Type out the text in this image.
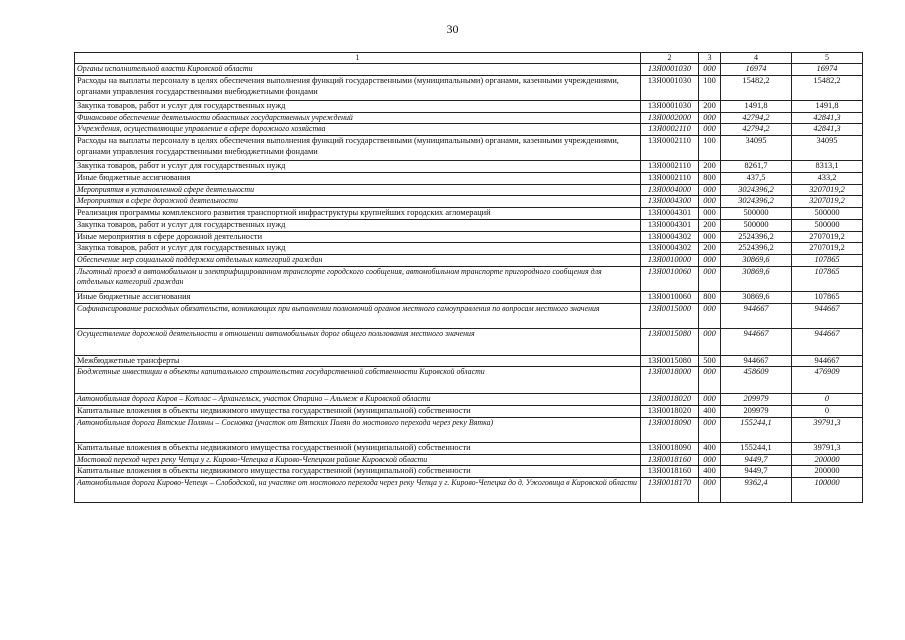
30
1	2	3	4	5
Органы исполнительной власти Кировской области	13Я0001030	000	16974	16974
Расходы на выплаты персоналу в целях обеспечения выполнения функций государственными (муниципальными) органами, казенными учреждениями, органами управления государственными внебюджетными фондами	13Я0001030	100	15482,2	15482,2
Закупка товаров, работ и услуг для государственных нужд	13Я0001030	200	1491,8	1491,8
Финансовое обеспечение деятельности областных государственных учреждений	13Я0002000	000	42794,2	42841,3
Учреждения, осуществляющие управление в сфере дорожного хозяйства	13Я0002110	000	42794,2	42841,3
Расходы на выплаты персоналу в целях обеспечения выполнения функций государственными (муниципальными) органами, казенными учреждениями, органами управления государственными внебюджетными фондами	13Я0002110	100	34095	34095
Закупка товаров, работ и услуг для государственных нужд	13Я0002110	200	8261,7	8313,1
Иные бюджетные ассигнования	13Я0002110	800	437,5	433,2
Мероприятия в установленной сфере деятельности	13Я0004000	000	3024396,2	3207019,2
Мероприятия в сфере дорожной деятельности	13Я0004300	000	3024396,2	3207019,2
Реализация программы комплексного развития транспортной инфраструктуры крупнейших городских агломераций	13Я0004301	000	500000	500000
Закупка товаров, работ и услуг для государственных нужд	13Я0004301	200	500000	500000
Иные мероприятия в сфере дорожной деятельности	13Я0004302	000	2524396,2	2707019,2
Закупка товаров, работ и услуг для государственных нужд	13Я0004302	200	2524396,2	2707019,2
Обеспечение мер социальной поддержки отдельных категорий граждан	13Я0010000	000	30869,6	107865
Льготный проезд в автомобильном и электрифицированном транспорте городского сообщения, автомобильном транспорте пригородного сообщения для отдельных категорий граждан	13Я0010060	000	30869,6	107865
Иные бюджетные ассигнования	13Я0010060	800	30869,6	107865
Софинансирование расходных обязательств, возникающих при выполнении полномочий органов местного самоуправления по вопросам местного значения	13Я0015000	000	944667	944667
Осуществление дорожной деятельности в отношении автомобильных дорог общего пользования местного значения	13Я0015080	000	944667	944667
Межбюджетные трансферты	13Я0015080	500	944667	944667
Бюджетные инвестиции в объекты капитального строительства государственной собственности Кировской области	13Я0018000	000	458609	476909
Автомобильная дорога Киров – Котлас – Архангельск, участок Опарино – Альмеж в Кировской области	13Я0018020	000	209979	0
Капитальные вложения в объекты недвижимого имущества государственной (муниципальной) собственности	13Я0018020	400	209979	0
Автомобильная дорога Вятские Поляны – Сосновка (участок от Вятских Полян до мостового перехода через реку Вятка)	13Я0018090	000	155244,1	39791,3
Капитальные вложения в объекты недвижимого имущества государственной (муниципальной) собственности	13Я0018090	400	155244,1	39791,3
Мостовой переход через реку Чепца у г. Кирово-Чепецка в Кирово-Чепецком районе Кировской области	13Я0018160	000	9449,7	200000
Капитальные вложения в объекты недвижимого имущества государственной (муниципальной) собственности	13Я0018160	400	9449,7	200000
Автомобильная дорога Кирово-Чепецк – Слободской, на участке от мостового перехода через реку Чепца у г. Кирово-Чепецка до д. Ужоговица в Кировской области	13Я0018170	000	9362,4	100000
